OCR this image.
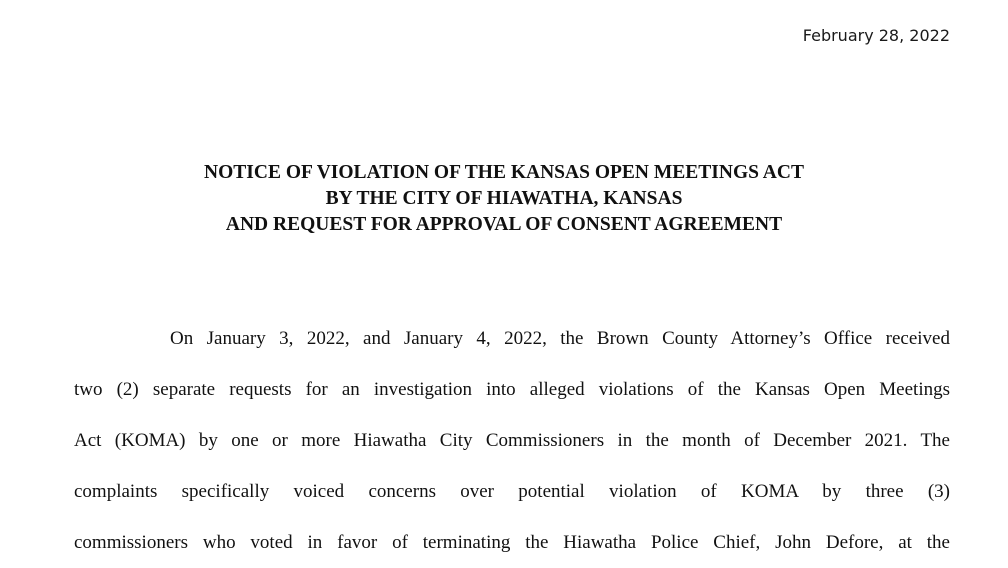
February 28, 2022
NOTICE OF VIOLATION OF THE KANSAS OPEN MEETINGS ACT
BY THE CITY OF HIAWATHA, KANSAS
AND REQUEST FOR APPROVAL OF CONSENT AGREEMENT
On January 3, 2022, and January 4, 2022, the Brown County Attorney’s Office received
two (2) separate requests for an investigation into alleged violations of the Kansas Open Meetings
Act (KOMA) by one or more Hiawatha City Commissioners in the month of December 2021. The
complaints specifically voiced concerns over potential violation of KOMA by three (3)
commissioners who voted in favor of terminating the Hiawatha Police Chief, John Defore, at the
